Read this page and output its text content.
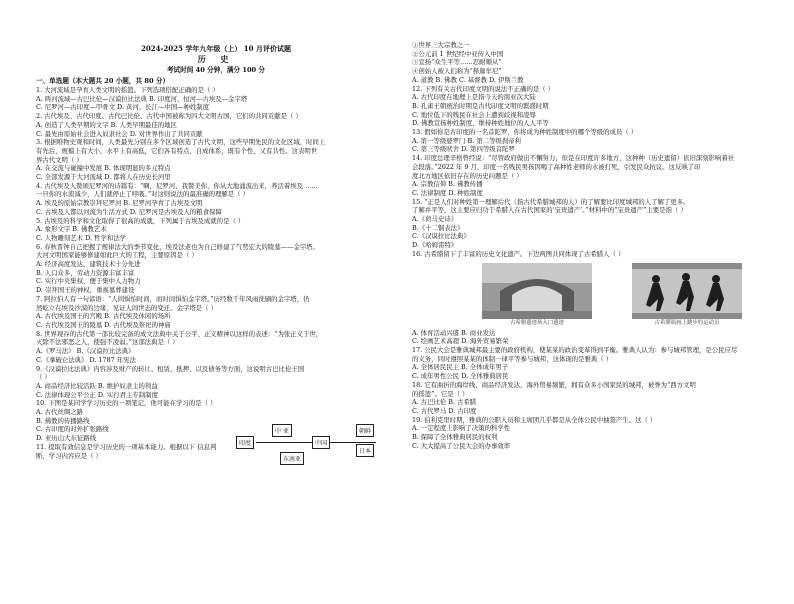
2024-2025 学年九年级（上） 10 月评价试题
历 史
考试时间 40 分钟，满分 100 分
一、单选题（本大题共 20 小题，共 80 分）
1. 大河流域是孕育人类文明的摇篮。下列选项搭配正确的是（ ）
A. 两河流域—古巴比伦—汉谟拉比法典 B. 印度河、恒河—古埃及—金字塔
C. 尼罗河—古印度—甲骨文 D. 黄河、长江—中国—种姓制度
2. 古代埃及、古代印度、古代巴比伦、古代中国被称为四大文明古国，它们的共同贡献是（ ）
A. 创造了人类早期的文字 B. 人类早期最佳的地区
C. 最先由原始社会进入奴隶社会 D. 对世界作出了共同贡献
3. 根据唯物史观和时间，人类最先分别在多个区域创造了古代文明，这些早期先民的文化区域，时间上
有先后，规模上有大小，水平上有高低，它们各有特点，自成体系，既有个性，又有共性。这表明世
界古代文明（ ）
A. 在交流与碰撞中发展 B. 体现明显的多元特点
C. 全部发源于大河流域 D. 都将人在历史长河里
4. 古代埃及人赞颂尼罗河的诗篇有：“啊，尼罗河，我赞美你，你从大地涌流出来，养活着埃及 ……
一旦你的水流减少，人们就停止了呼吸。”对这则说法的最准确的理解是（ ）
A. 埃及的原始宗教崇拜尼罗河 B. 尼罗河孕育了古埃及文明
C. 古埃及人都以河流为生活方式 D. 尼罗河是古埃及人的粮食保障
5. 古埃及的科学和文化取得了很高的成就，下列属于古埃及成就的是（ ）
A. 象形文字 B. 佛教艺术
C. 人物雕刻艺术 D. 哲学和法学
6. 春秋晋钟自己把握了规律法大的季节变化，埃及法老也为自己修建了气势宏大的陵墓——金字塔。
大河文明国家能够修建如此巨大的工程，主要原因是（ ）
A. 经济高度发达，建筑技术十分先进
B. 人口众多，劳动力资源丰富丰富
C. 实行中央集权，便于集中人力物力
D. 崇拜国王的神权，重视墓葬建设
7. 阿拉伯人有一句谚语：“人间惧怕时间，而时间惧怕金字塔。”历经数千年风雨洗刷的金字塔，仍
然屹立在埃及沙漠的边缘，见证人间世态的变迁。金字塔是（ ）
A. 古代埃及国王的宫殿 B. 古代埃及休闲的场所
C. 古代埃及国王的陵墓 D. 古代埃及祭祀的神庙
8. 世界现存的古代第一部比较完备的成文法典中关于公平、正义精神以这样的表述：“为张正义于世，
灭除不法邪恶之人，使强不凌弱。”这部法典是（ ）
A.《罗马法》 B.《汉谟拉比法典》
C.《拿破仑法典》 D. 1787 年宪法
9.《汉谟拉比法典》内容涉及财产的转让、租赁、抵押，以及债务等方面，这说明古巴比伦王国
（ ）
A. 商品经济比较活跃 B. 维护奴隶主的利益
C. 法律体现公平公正 D. 实行君主专制制度
10. 下图是某同学学习历史的一项笔记，他可能在学习的是（ ）
A. 古代丝绸之路
B. 佛教的传播路线
C. 古印度的对外扩张路线
D. 亚历山大东征路线
11. 提取有效信息是学习历史的一项基本能力。根据以下 信息判
断，学习内容应是（ ）
印度
中 亚
中国
朝鲜
日本
东南亚
①世界三大宗教之一
②公元前 1 世纪经中亚传入中国
③宣扬“众生平等……忍耐顺从”
④创始人被人们称为“释迦牟尼”
A. 道教 B. 佛教 C. 基督教 D. 伊斯兰教
12. 下列有关古代印度文明的说法不正确的是（ ）
A. 古代印度在地理上是指今天的南亚次大陆
B. 孔雀王朝统治时期是古代印度文明的繁盛时期
C. 地位低下的贱民在社会上遭到歧视和凌辱
D. 佛教宣扬种姓制度，维持种姓地位的人人平等
13. 假如你是古印度的一名首陀罗，你将成为种姓制度中的哪个等级的成员（ ）
A. 第一等级婆罗门 B. 第二等级刹帝利
C. 第三等级吠舍 D. 第四等级首陀罗
14. 印度总理辛格曾经说：“尽管政府做出不懈努力，但是在印度许多地方，这种种（历史遗留）依旧深刻影响着社
会段落。”2022 年 9 月，印度一名贱民男孩因喝了高种姓老师的水被打死，引发民众抗议。这反映了印
度北方地区依旧存在的历史问题是（ ）
A. 宗教信仰 B. 佛教传播
C. 法律制度 D. 种姓制度
15. “正是人们对种姓第一理解后代（指古代希腊城邦的人）的了解要比印度城邦的人了解了更多。
了解并平等，这主要应归功于希腊人在古代国家的‘宝贵遗产’。”材料中的“宝贵遗产”主要是指（ ）
A.《荷马史诗》
B.《十二铜表法》
C.《汉谟拉比法典》
D.《哈姆雷特》
16. 古希腊留下了丰富的历史文化遗产。下边两图共同体现了古希腊人（ ）
古希腊遗迹场入口遗迹	古希腊瓶画上跳步的运动员
A. 体育活动兴盛 B. 商业发达
C. 绘画艺术高超 D. 海外贸易繁荣
17. 公民大会是雅典城邦最主要的政府机构，使某某的政治变革得到平衡。雅典人认为：参与城邦管理，是公民应尽
的义务，同时遵照某某的体制一律平等参与城邦，这体现的是雅典（ ）
A. 全体居民民主 B. 全体成年男子
C. 成年男性公民 D. 全体雅典居民
18. 它有曲折的海岸线，商品经济发达，海外贸易频繁，拥有众多小国家民的城邦，被誉为“西方文明
的摇篮”。它是（ ）
A. 古巴比伦 B. 古希腊
C. 古代罗马 D. 古印度
19. 伯利克里时期，雅典的公职人员和主席团几乎都是从全体公民中抽签产生。这（ ）
A. 一定程度上影响了决策的科学性
B. 保障了全体雅典居民的权利
C. 大大提高了公民大会的办事效率
